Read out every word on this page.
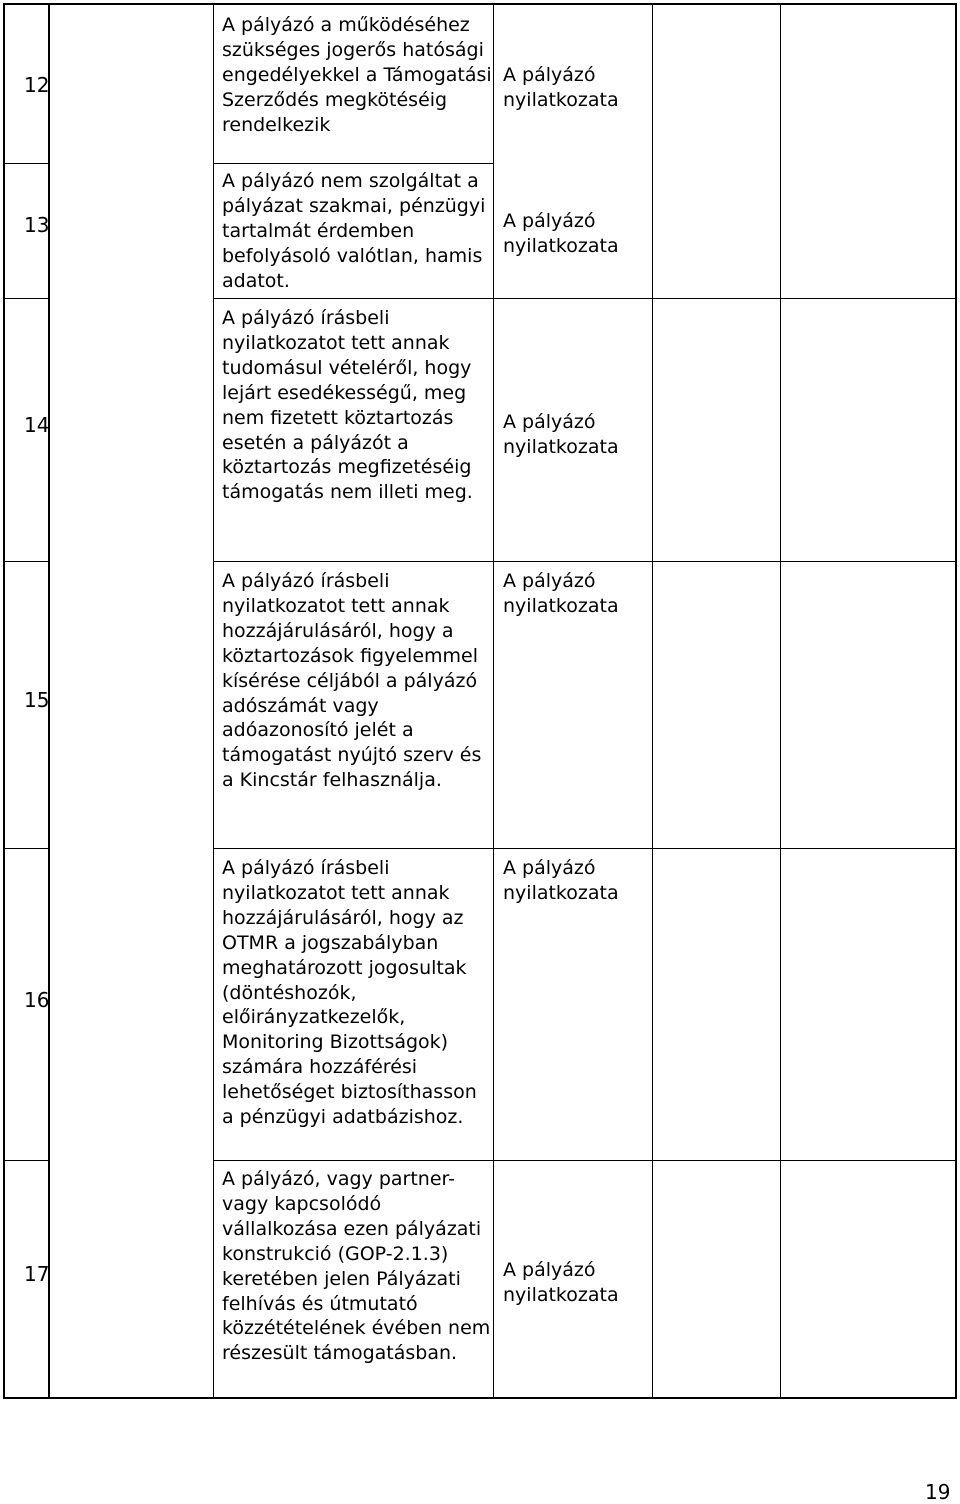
12

A pályázó a működéséhez szükséges jogerős hatósági engedélyekkel a Támogatási Szerződés megkötéséig rendelkezik

A pályázó nyilatkozata

13

A pályázó nem szolgáltat a pályázat szakmai, pénzügyi tartalmát érdemben befolyásoló valótlan, hamis adatot.

A pályázó nyilatkozata

14

A pályázó írásbeli nyilatkozatot tett annak tudomásul vételéről, hogy lejárt esedékességű, meg nem fizetett köztartozás esetén a pályázót a köztartozás megfizetéséig támogatás nem illeti meg.

A pályázó nyilatkozata

15

A pályázó írásbeli nyilatkozatot tett annak hozzájárulásáról, hogy a köztartozások figyelemmel kísérése céljából a pályázó adószámát vagy adóazonosító jelét a támogatást nyújtó szerv és a Kincstár felhasználja.

A pályázó nyilatkozata

16

A pályázó írásbeli nyilatkozatot tett annak hozzájárulásáról, hogy az OTMR a jogszabályban meghatározott jogosultak (döntéshozók, előirányzatkezelők, Monitoring Bizottságok) számára hozzáférési lehetőséget biztosíthasson a pénzügyi adatbázishoz.

A pályázó nyilatkozata

17

A pályázó, vagy partner-vagy kapcsolódó vállalkozása ezen pályázati konstrukció (GOP-2.1.3) keretében jelen Pályázati felhívás és útmutató közzétételének évében nem részesült támogatásban.

A pályázó nyilatkozata

19
